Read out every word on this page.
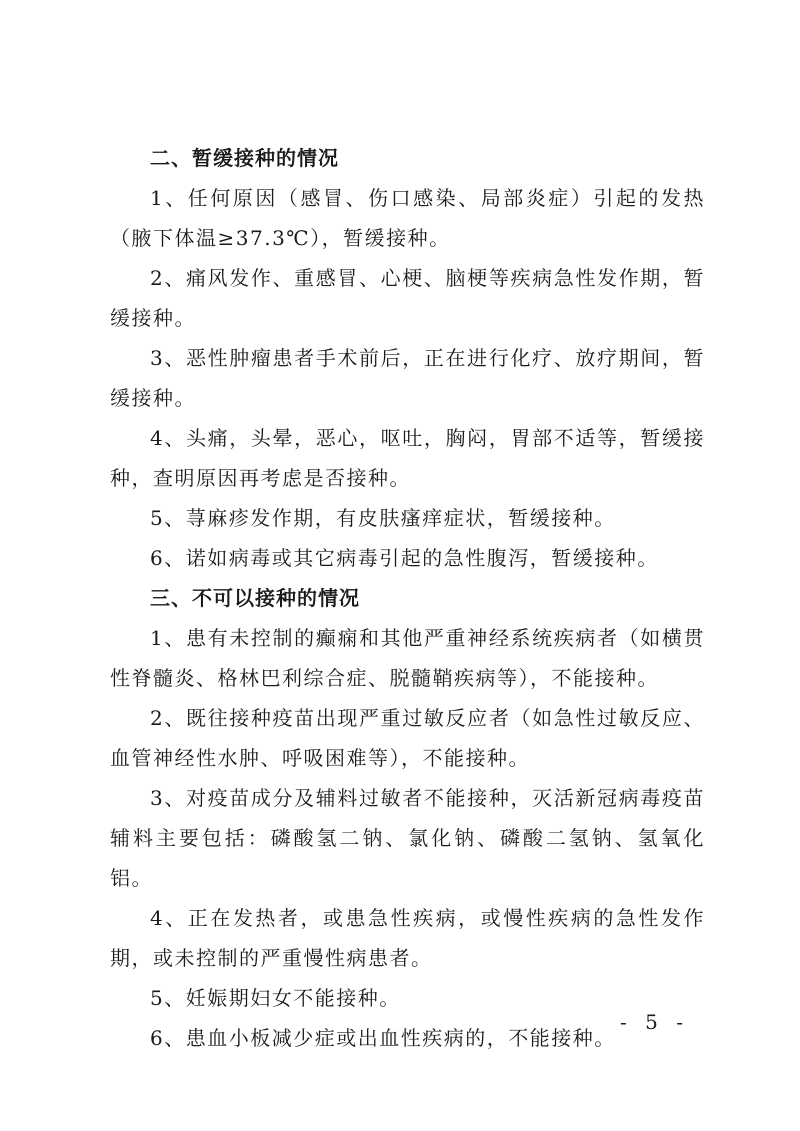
二、暂缓接种的情况

1、任何原因（感冒、伤口感染、局部炎症）引起的发热（腋下体温≥37.3℃），暂缓接种。

2、痛风发作、重感冒、心梗、脑梗等疾病急性发作期，暂缓接种。

3、恶性肿瘤患者手术前后，正在进行化疗、放疗期间，暂缓接种。

4、头痛，头晕，恶心，呕吐，胸闷，胃部不适等，暂缓接种，查明原因再考虑是否接种。

5、荨麻疹发作期，有皮肤瘙痒症状，暂缓接种。

6、诺如病毒或其它病毒引起的急性腹泻，暂缓接种。

三、不可以接种的情况

1、患有未控制的癫痫和其他严重神经系统疾病者（如横贯性脊髓炎、格林巴利综合症、脱髓鞘疾病等），不能接种。

2、既往接种疫苗出现严重过敏反应者（如急性过敏反应、血管神经性水肿、呼吸困难等），不能接种。

3、对疫苗成分及辅料过敏者不能接种，灭活新冠病毒疫苗辅料主要包括：磷酸氢二钠、氯化钠、磷酸二氢钠、氢氧化铝。

4、正在发热者，或患急性疾病，或慢性疾病的急性发作期，或未控制的严重慢性病患者。

5、妊娠期妇女不能接种。

6、患血小板减少症或出血性疾病的，不能接种。

- 5 -
